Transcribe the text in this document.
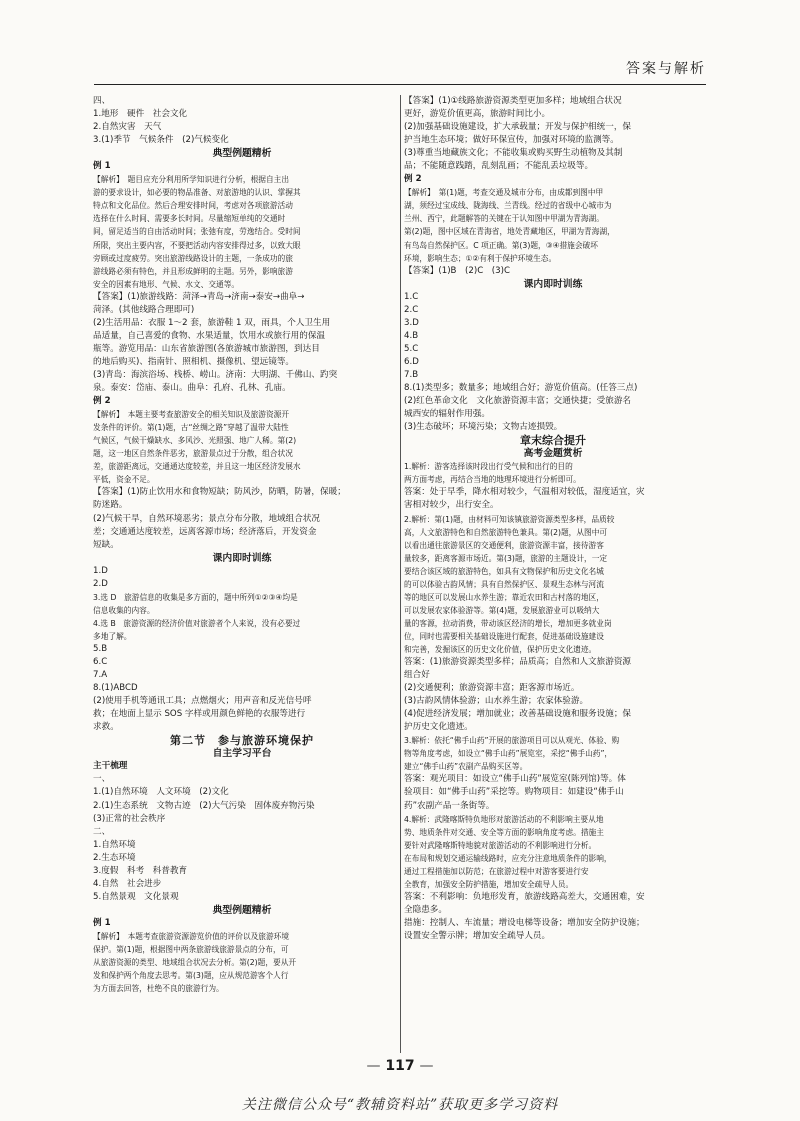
答案与解析

四、

1.地形　硬件　社会文化

2.自然灾害　天气

3.(1)季节　气候条件　(2)气候变化

典型例题精析

例 1

【解析】　题目应充分利用所学知识进行分析，根据自主出

游的要求设计，如必要的物品准备、对旅游地的认识、掌握其

特点和文化品位。然后合理安排时间，考虑对各项旅游活动

选择在什么时间、需要多长时间。尽量缩短单纯的交通时

间，留足适当的自由活动时间；张弛有度，劳逸结合。受时间

所限，突出主要内容，不要把活动内容安排得过多，以致大眼

旁顾或过度疲劳。突出旅游线路设计的主题，一条成功的旅

游线路必须有特色，并且形成鲜明的主题。另外，影响旅游

安全的因素有地形、气候、水文、交通等。

【答案】(1)旅游线路：菏泽→青岛→济南→泰安→曲阜→

菏泽。(其他线路合理即可)

(2)生活用品：衣服 1～2 套，旅游鞋 1 双，雨具，个人卫生用

品适量，自己喜爱的食物、水果适量，饮用水或旅行用的保温

瓶等。游览用品：山东省旅游图(各旅游城市旅游图，到达目

的地后购买)、指南针、照相机、摄像机、望远镜等。

(3)青岛：海滨浴场、栈桥、崂山。济南：大明湖、千佛山、趵突

泉。泰安：岱庙、泰山。曲阜：孔府、孔林、孔庙。

例 2

【解析】　本题主要考查旅游安全的相关知识及旅游资源开

发条件的评价。第(1)题，古“丝绸之路”穿越了温带大陆性

气候区，气候干燥缺水、多风沙、光照强、地广人稀。第(2)

题，这一地区自然条件恶劣，旅游景点过于分散，组合状况

差，旅游距离远，交通通达度较差，并且这一地区经济发展水

平低，资金不足。

【答案】(1)防止饮用水和食物短缺；防风沙，防晒，防暑，保暖；

防迷路。

(2)气候干旱，自然环境恶劣；景点分布分散，地域组合状况

差；交通通达度较差，远离客源市场；经济落后，开发资金

短缺。

课内即时训练

1.D

2.D

3.选 D　旅游信息的收集是多方面的，题中所列①②③④均是

信息收集的内容。

4.选 B　旅游资源的经济价值对旅游者个人来说，没有必要过

多地了解。

5.B

6.C

7.A

8.(1)ABCD

(2)使用手机等通讯工具；点燃烟火；用声音和反光信号呼

救；在地面上显示 SOS 字样或用颜色鲜艳的衣服等进行

求救。

第二节　参与旅游环境保护

自主学习平台

主干梳理

一、

1.(1)自然环境　人文环境　(2)文化

2.(1)生态系统　文物古迹　(2)大气污染　固体废弃物污染

(3)正常的社会秩序

二、

1.自然环境

2.生态环境

3.度假　科考　科普教育

4.自然　社会进步

5.自然景观　文化景观

典型例题精析

例 1

【解析】　本题考查旅游资源游览价值的评价以及旅游环境

保护。第(1)题，根据图中两条旅游线旅游景点的分布，可

从旅游资源的类型、地域组合状况去分析。第(2)题，要从开

发和保护两个角度去思考。第(3)题，应从规范游客个人行

为方面去回答，杜绝不良的旅游行为。

【答案】(1)①线路旅游资源类型更加多样；地域组合状况

更好，游览价值更高，旅游时间比小。

(2)加强基础设施建设，扩大承载量；开发与保护相统一，保

护当地生态环境；做好环保宣传，加强对环境的监测等。

(3)尊重当地藏族文化；不能收集或购买野生动植物及其制

品；不能随意践踏，乱刻乱画；不能乱丢垃圾等。

例 2

【解析】　第(1)题，考查交通及城市分布，由成都到图中甲

湖，须经过宝成线、陇海线、兰青线。经过的省级中心城市为

兰州、西宁，此题解答的关键在于认知图中甲湖为青海湖。

第(2)题，图中区域在青海省，地处青藏地区，甲湖为青海湖，

有鸟岛自然保护区。C 项正确。第(3)题，③④措施会破坏

环境，影响生态；①②有利于保护环境生态。

【答案】(1)B　(2)C　(3)C

课内即时训练

1.C

2.C

3.D

4.B

5.C

6.D

7.B

8.(1)类型多；数量多；地域组合好；游览价值高。(任答三点)

(2)红色革命文化　文化旅游资源丰富；交通快捷；受旅游名

城西安的辐射作用强。

(3)生态破坏；环境污染；文物古迹损毁。

章末综合提升

高考金题赏析

1.解析：游客选择该时段出行受气候和出行的目的

两方面考虑，再结合当地的地理环境进行分析即可。

答案：处于早季，降水相对较少，气温相对较低，湿度适宜，灾

害相对较少，出行安全。

2.解析：第(1)题，由材料可知该镇旅游资源类型多样，品质较

高，人文旅游特色和自然旅游特色兼具。第(2)题，从图中可

以看出通往旅游景区的交通便利，旅游资源丰富，接待游客

量较多，距离客源市场近。第(3)题，旅游的主题设计，一定

要结合该区域的旅游特色，如具有文物保护和历史文化名城

的可以体验古韵风情；具有自然保护区、景观生态林与河流

等的地区可以发展山水养生游；靠近农田和古村落的地区，

可以发展农家体验游等。第(4)题，发展旅游业可以吸纳大

量的客源，拉动消费，带动该区经济的增长，增加更多就业岗

位，同时也需要相关基础设施进行配套，促进基础设施建设

和完善，发掘该区的历史文化价值，保护历史文化遗迹。

答案：(1)旅游资源类型多样；品质高；自然和人文旅游资源

组合好

(2)交通便利；旅游资源丰富；距客源市场近。

(3)古韵风情体验游；山水养生游；农家体验游。

(4)促进经济发展；增加就业；改善基础设施和服务设施；保

护历史文化遗迹。

3.解析：依托“佛手山药”开展的旅游项目可以从观光、体验、购

物等角度考虑，如设立“佛手山药”展览室，采挖“佛手山药”，

建立“佛手山药”农副产品购买区等。

答案：观光项目：如设立“佛手山药”展览室(陈列馆)等。体

验项目：如“佛手山药”采挖等。购物项目：如建设“佛手山

药”农副产品一条街等。

4.解析：武隆喀斯特负地形对旅游活动的不利影响主要从地

势、地质条件对交通、安全等方面的影响角度考虑。措施主

要针对武隆喀斯特地貌对旅游活动的不利影响进行分析。

在布局和规划交通运输线路时，应充分注意地质条件的影响，

通过工程措施加以防范；在旅游过程中对游客要进行安

全教育，加强安全防护措施，增加安全疏导人员。

答案：不利影响：负地形发育，旅游线路高差大，交通困难，安

全隐患多。

措施：控制人、车流量；增设电梯等设备；增加安全防护设施；

设置安全警示牌；增加安全疏导人员。

— 117 —
关注微信公众号“教辅资料站”获取更多学习资料
